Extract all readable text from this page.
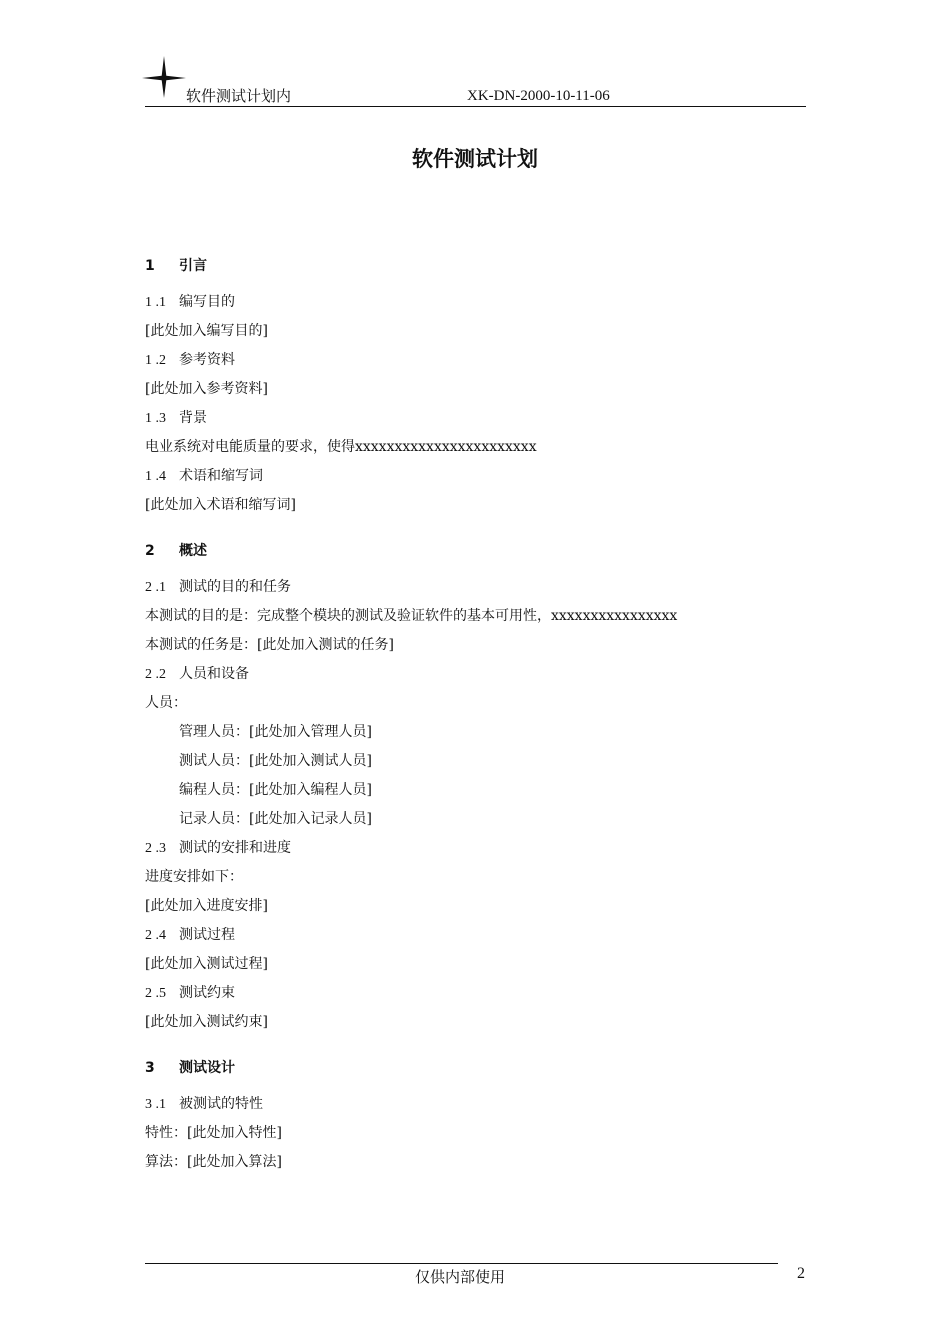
软件测试计划内	XK-DN-2000-10-11-06
软件测试计划
1	引言
1 .1 编写目的
[此处加入编写目的]
1 .2 参考资料
[此处加入参考资料]
1 .3 背景
电业系统对电能质量的要求，使得xxxxxxxxxxxxxxxxxxxxxxx
1 .4 术语和缩写词
[此处加入术语和缩写词]
2	概述
2 .1 测试的目的和任务
本测试的目的是：完成整个模块的测试及验证软件的基本可用性，xxxxxxxxxxxxxxxx
本测试的任务是：[此处加入测试的任务]
2 .2 人员和设备
人员：
管理人员：[此处加入管理人员]
测试人员：[此处加入测试人员]
编程人员：[此处加入编程人员]
记录人员：[此处加入记录人员]
2 .3 测试的安排和进度
进度安排如下：
[此处加入进度安排]
2 .4 测试过程
[此处加入测试过程]
2 .5 测试约束
[此处加入测试约束]
3	测试设计
3 .1 被测试的特性
特性：[此处加入特性]
算法：[此处加入算法]
仅供内部使用	2
